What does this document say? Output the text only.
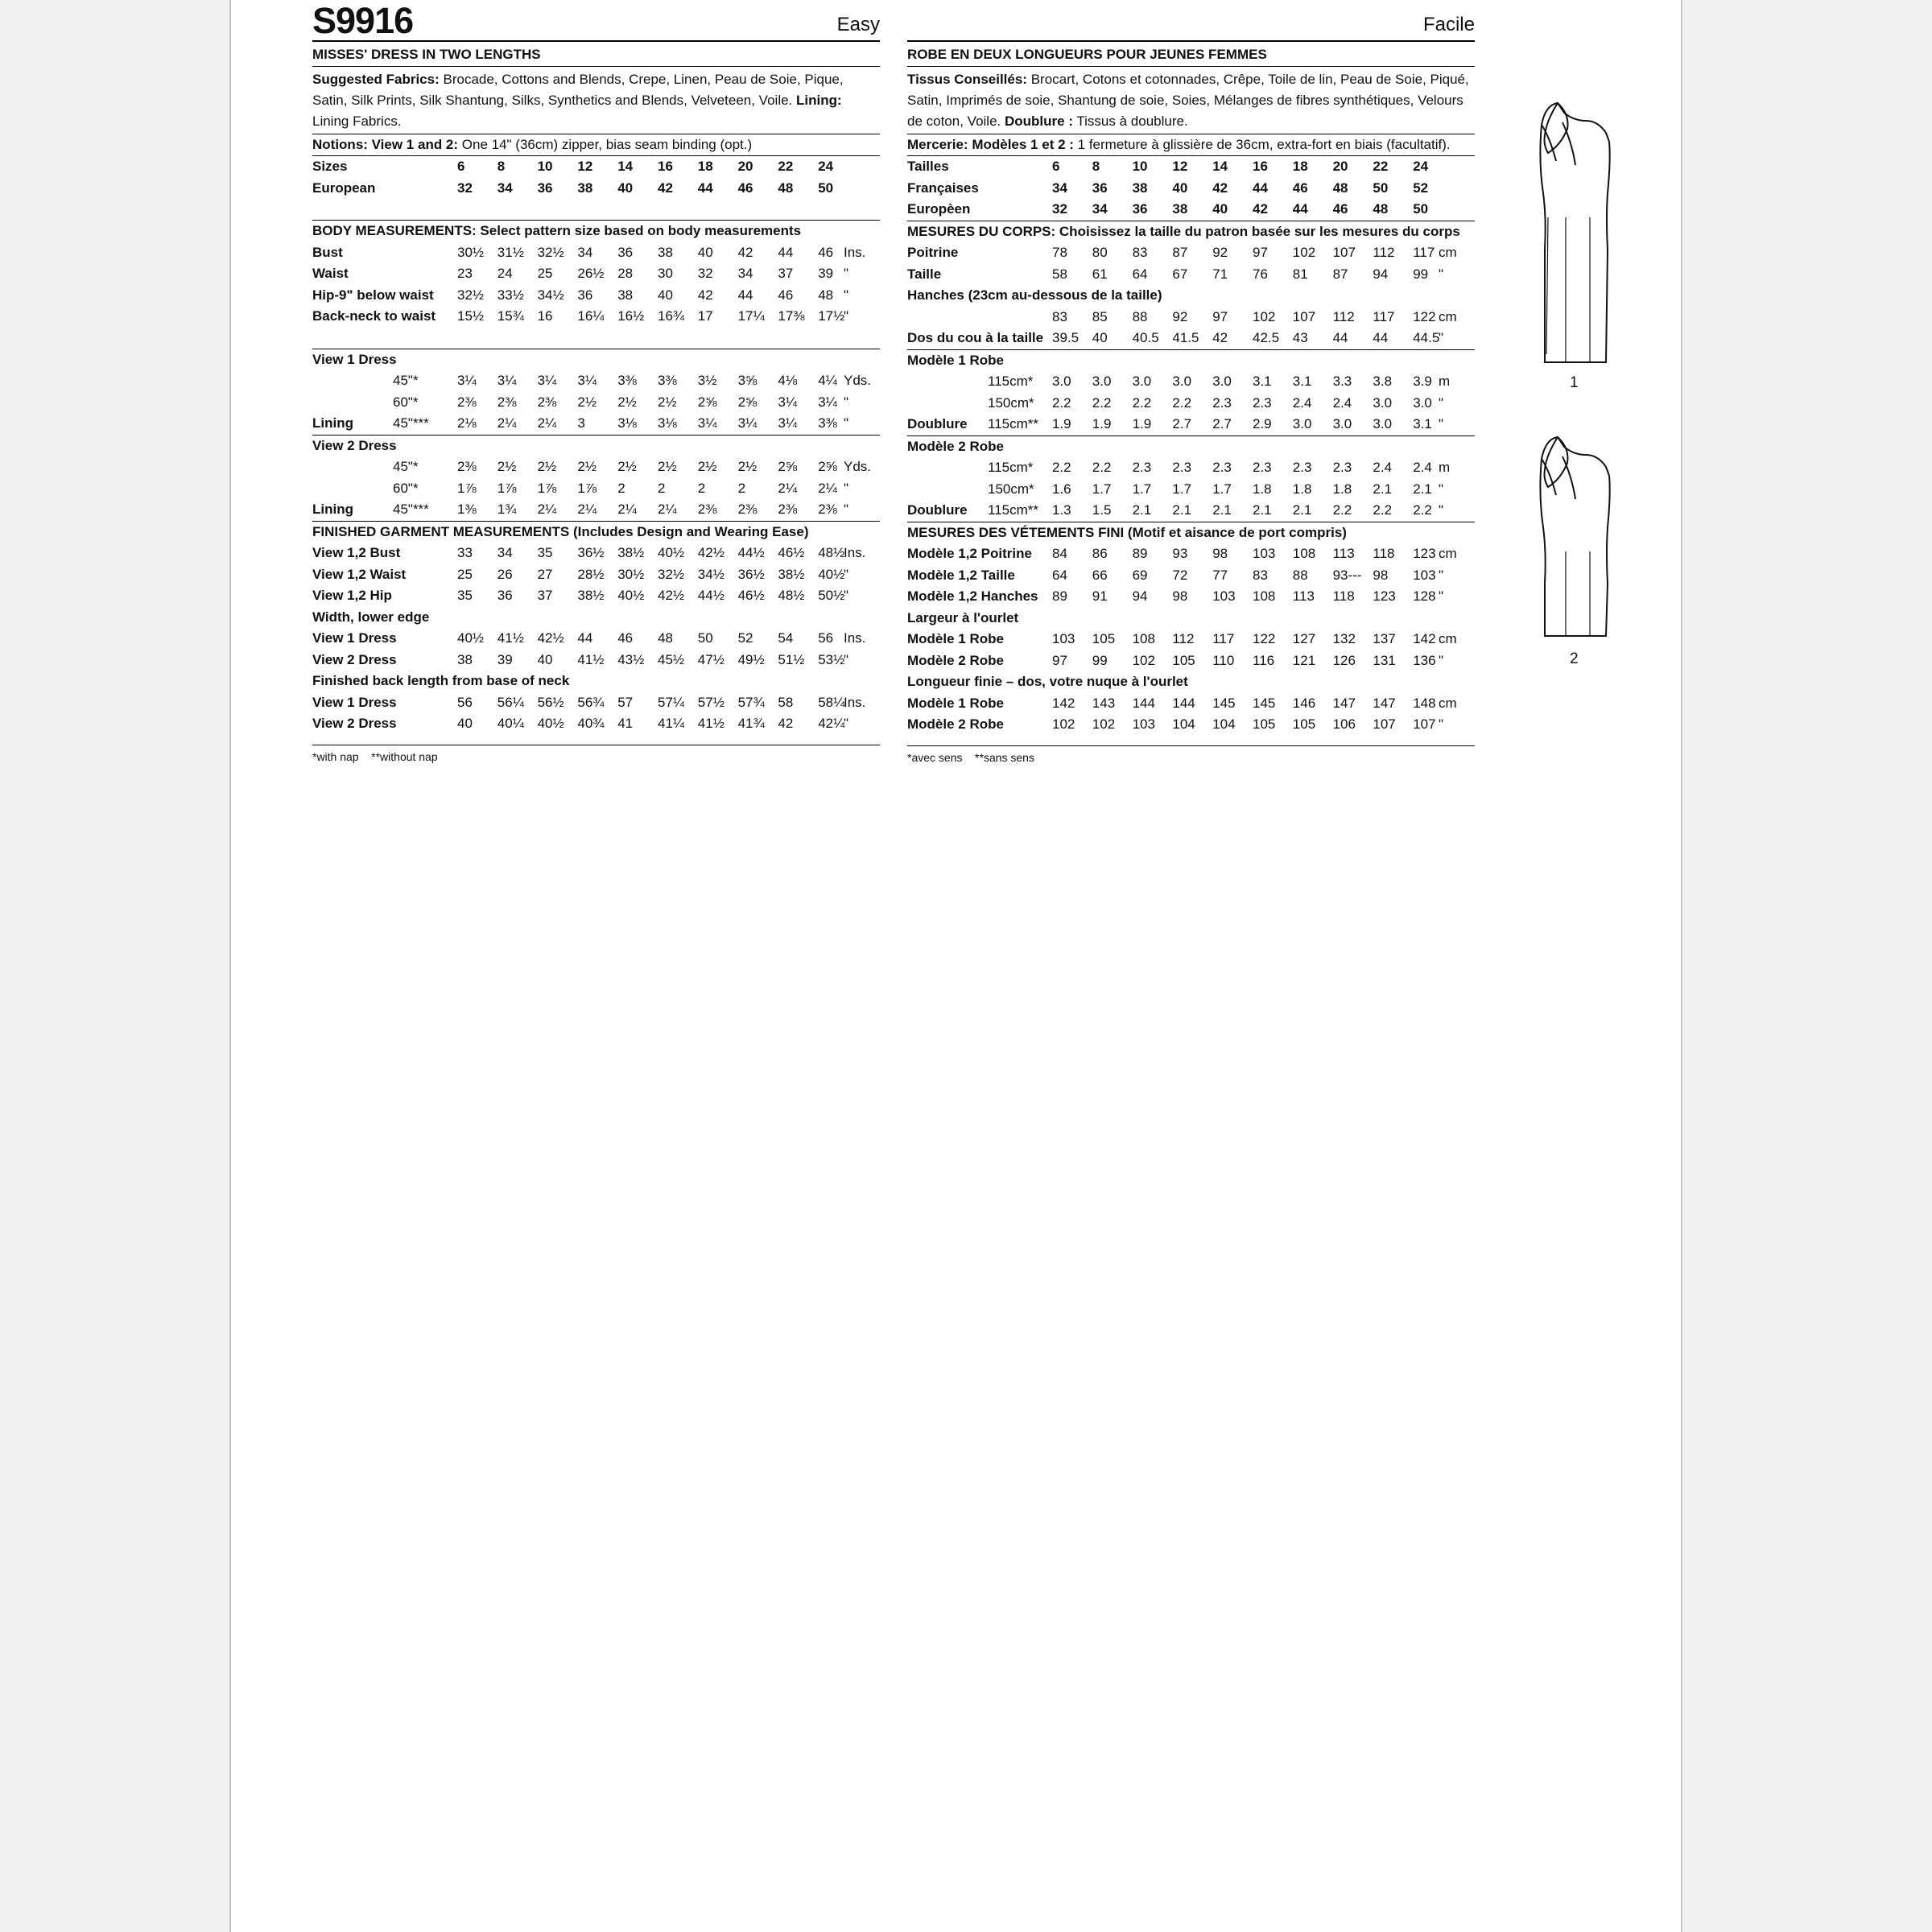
S9916	Easy
MISSES' DRESS IN TWO LENGTHS
Suggested Fabrics: Brocade, Cottons and Blends, Crepe, Linen, Peau de Soie, Pique, Satin, Silk Prints, Silk Shantung, Silks, Synthetics and Blends, Velveteen, Voile. Lining: Lining Fabrics.
Notions: View 1 and 2: One 14" (36cm) zipper, bias seam binding (opt.)
Sizes	6 8 10 12 14 16 18 20 22 24
European	32 34 36 38 40 42 44 46 48 50
BODY MEASUREMENTS: Select pattern size based on body measurements
Bust	30½ 31½ 32½ 34 36 38 40 42 44 46 Ins.
Waist	23 24 25 26½ 28 30 32 34 37 39 "
Hip-9" below waist 32½ 33½ 34½ 36 38 40 42 44 46 48 "
Back-neck to waist 15½ 15¾ 16 16¼ 16½ 16¾ 17 17¼ 17⅜ 17½
"
View 1 Dress
45"*	3¼ 3¼ 3¼ 3¼ 3⅜ 3⅜ 3½ 3⅝ 4⅛ 4¼ Yds.
60"*	2⅜ 2⅜ 2⅜ 2½ 2½ 2½ 2⅝ 2⅝ 3¼ 3¼ "
Lining	45"*** 2⅛ 2¼ 2¼ 3 3⅛ 3⅛ 3¼ 3¼ 3¼ 3⅜ "
View 2 Dress
45"*	2⅜ 2½ 2½ 2½ 2½ 2½ 2½ 2½ 2⅝ 2⅝ Yds.
60"*	1⅞ 1⅞ 1⅞ 1⅞ 2 2 2 2 2¼ 2¼ "
Lining	45"*** 1⅜ 1¾ 2¼ 2¼ 2¼ 2¼ 2⅜ 2⅜ 2⅜ 2⅜ "
FINISHED GARMENT MEASUREMENTS (Includes Design and Wearing Ease)
View 1,2 Bust	33 34 35 36½ 38½ 40½ 42½ 44½ 46½ 48½
Ins.
View 1,2 Waist	25 26 27 28½ 30½ 32½ 34½ 36½ 38½ 40½
"
View 1,2 Hip	35 36 37 38½ 40½ 42½ 44½ 46½ 48½ 50½
"
Width, lower edge
View 1 Dress	40½ 41½ 42½ 44 46 48 50 52 54 56 Ins.
View 2 Dress	38 39 40 41½ 43½ 45½ 47½ 49½ 51½ 53½
"
Finished back length from base of neck
View 1 Dress	56 56¼ 56½ 56¾ 57 57¼ 57½ 57¾ 58 58¼
Ins.
View 2 Dress	40 40¼ 40½ 40¾ 41 41¼ 41½ 41¾ 42 42¼
"
*with nap    **without nap
Facile
ROBE EN DEUX LONGUEURS POUR JEUNES FEMMES
Tissus Conseillés: Brocart, Cotons et cotonnades, Crêpe, Toile de lin, Peau de Soie, Piqué, Satin, Imprimés de soie, Shantung de soie, Soies, Mélanges de fibres synthétiques, Velours de coton, Voile. Doublure : Tissus à doublure.
Mercerie: Modèles 1 et 2 : 1 fermeture à glissière de 36cm, extra-fort en biais (facultatif).
Tailles	6 8 10 12 14 16 18 20 22 24
Françaises	34 36 38 40 42 44 46 48 50 52
Europèen	32 34 36 38 40 42 44 46 48 50
MESURES DU CORPS: Choisissez la taille du patron basée sur les mesures du corps
Poitrine	78 80 83 87 92 97 102 107 112 117 cm
Taille	58 61 64 67 71 76 81 87 94 99 "
Hanches (23cm au-dessous de la taille)
83 85 88 92 97 102 107 112 117 122 cm
Dos du cou à la taille 39.5 40 40.5 41.5 42 42.5 43 44 44 44.5
"
Modèle 1 Robe
115cm* 3.0 3.0 3.0 3.0 3.0 3.1 3.1 3.3 3.8 3.9 m
150cm* 2.2 2.2 2.2 2.2 2.3 2.3 2.4 2.4 3.0 3.0 "
Doublure 115cm** 1.9 1.9 1.9 2.7 2.7 2.9 3.0 3.0 3.0 3.1 "
Modèle 2 Robe
115cm* 2.2 2.2 2.3 2.3 2.3 2.3 2.3 2.3 2.4 2.4 m
150cm* 1.6 1.7 1.7 1.7 1.7 1.8 1.8 1.8 2.1 2.1 "
Doublure 115cm** 1.3 1.5 2.1 2.1 2.1 2.1 2.1 2.2 2.2 2.2 "
MESURES DES VÉTEMENTS FINI (Motif et aisance de port compris)
Modèle 1,2 Poitrine 84 86 89 93 98 103 108 113 118 123 cm
Modèle 1,2 Taille	64 66 69 72 77 83 88 93--- 98 103 "
Modèle 1,2 Hanches 89 91 94 98 103 108 113 118 123 128 "
Largeur à l'ourlet
Modèle 1 Robe	103 105 108 112 117 122 127 132 137 142 cm
Modèle 2 Robe	97 99 102 105 110 116 121 126 131 136 "
Longueur finie – dos, votre nuque à l'ourlet
Modèle 1 Robe	142 143 144 144 145 145 146 147 147 148 cm
Modèle 2 Robe	102 102 103 104 104 105 105 106 107 107 "
*avec sens    **sans sens
1
2
